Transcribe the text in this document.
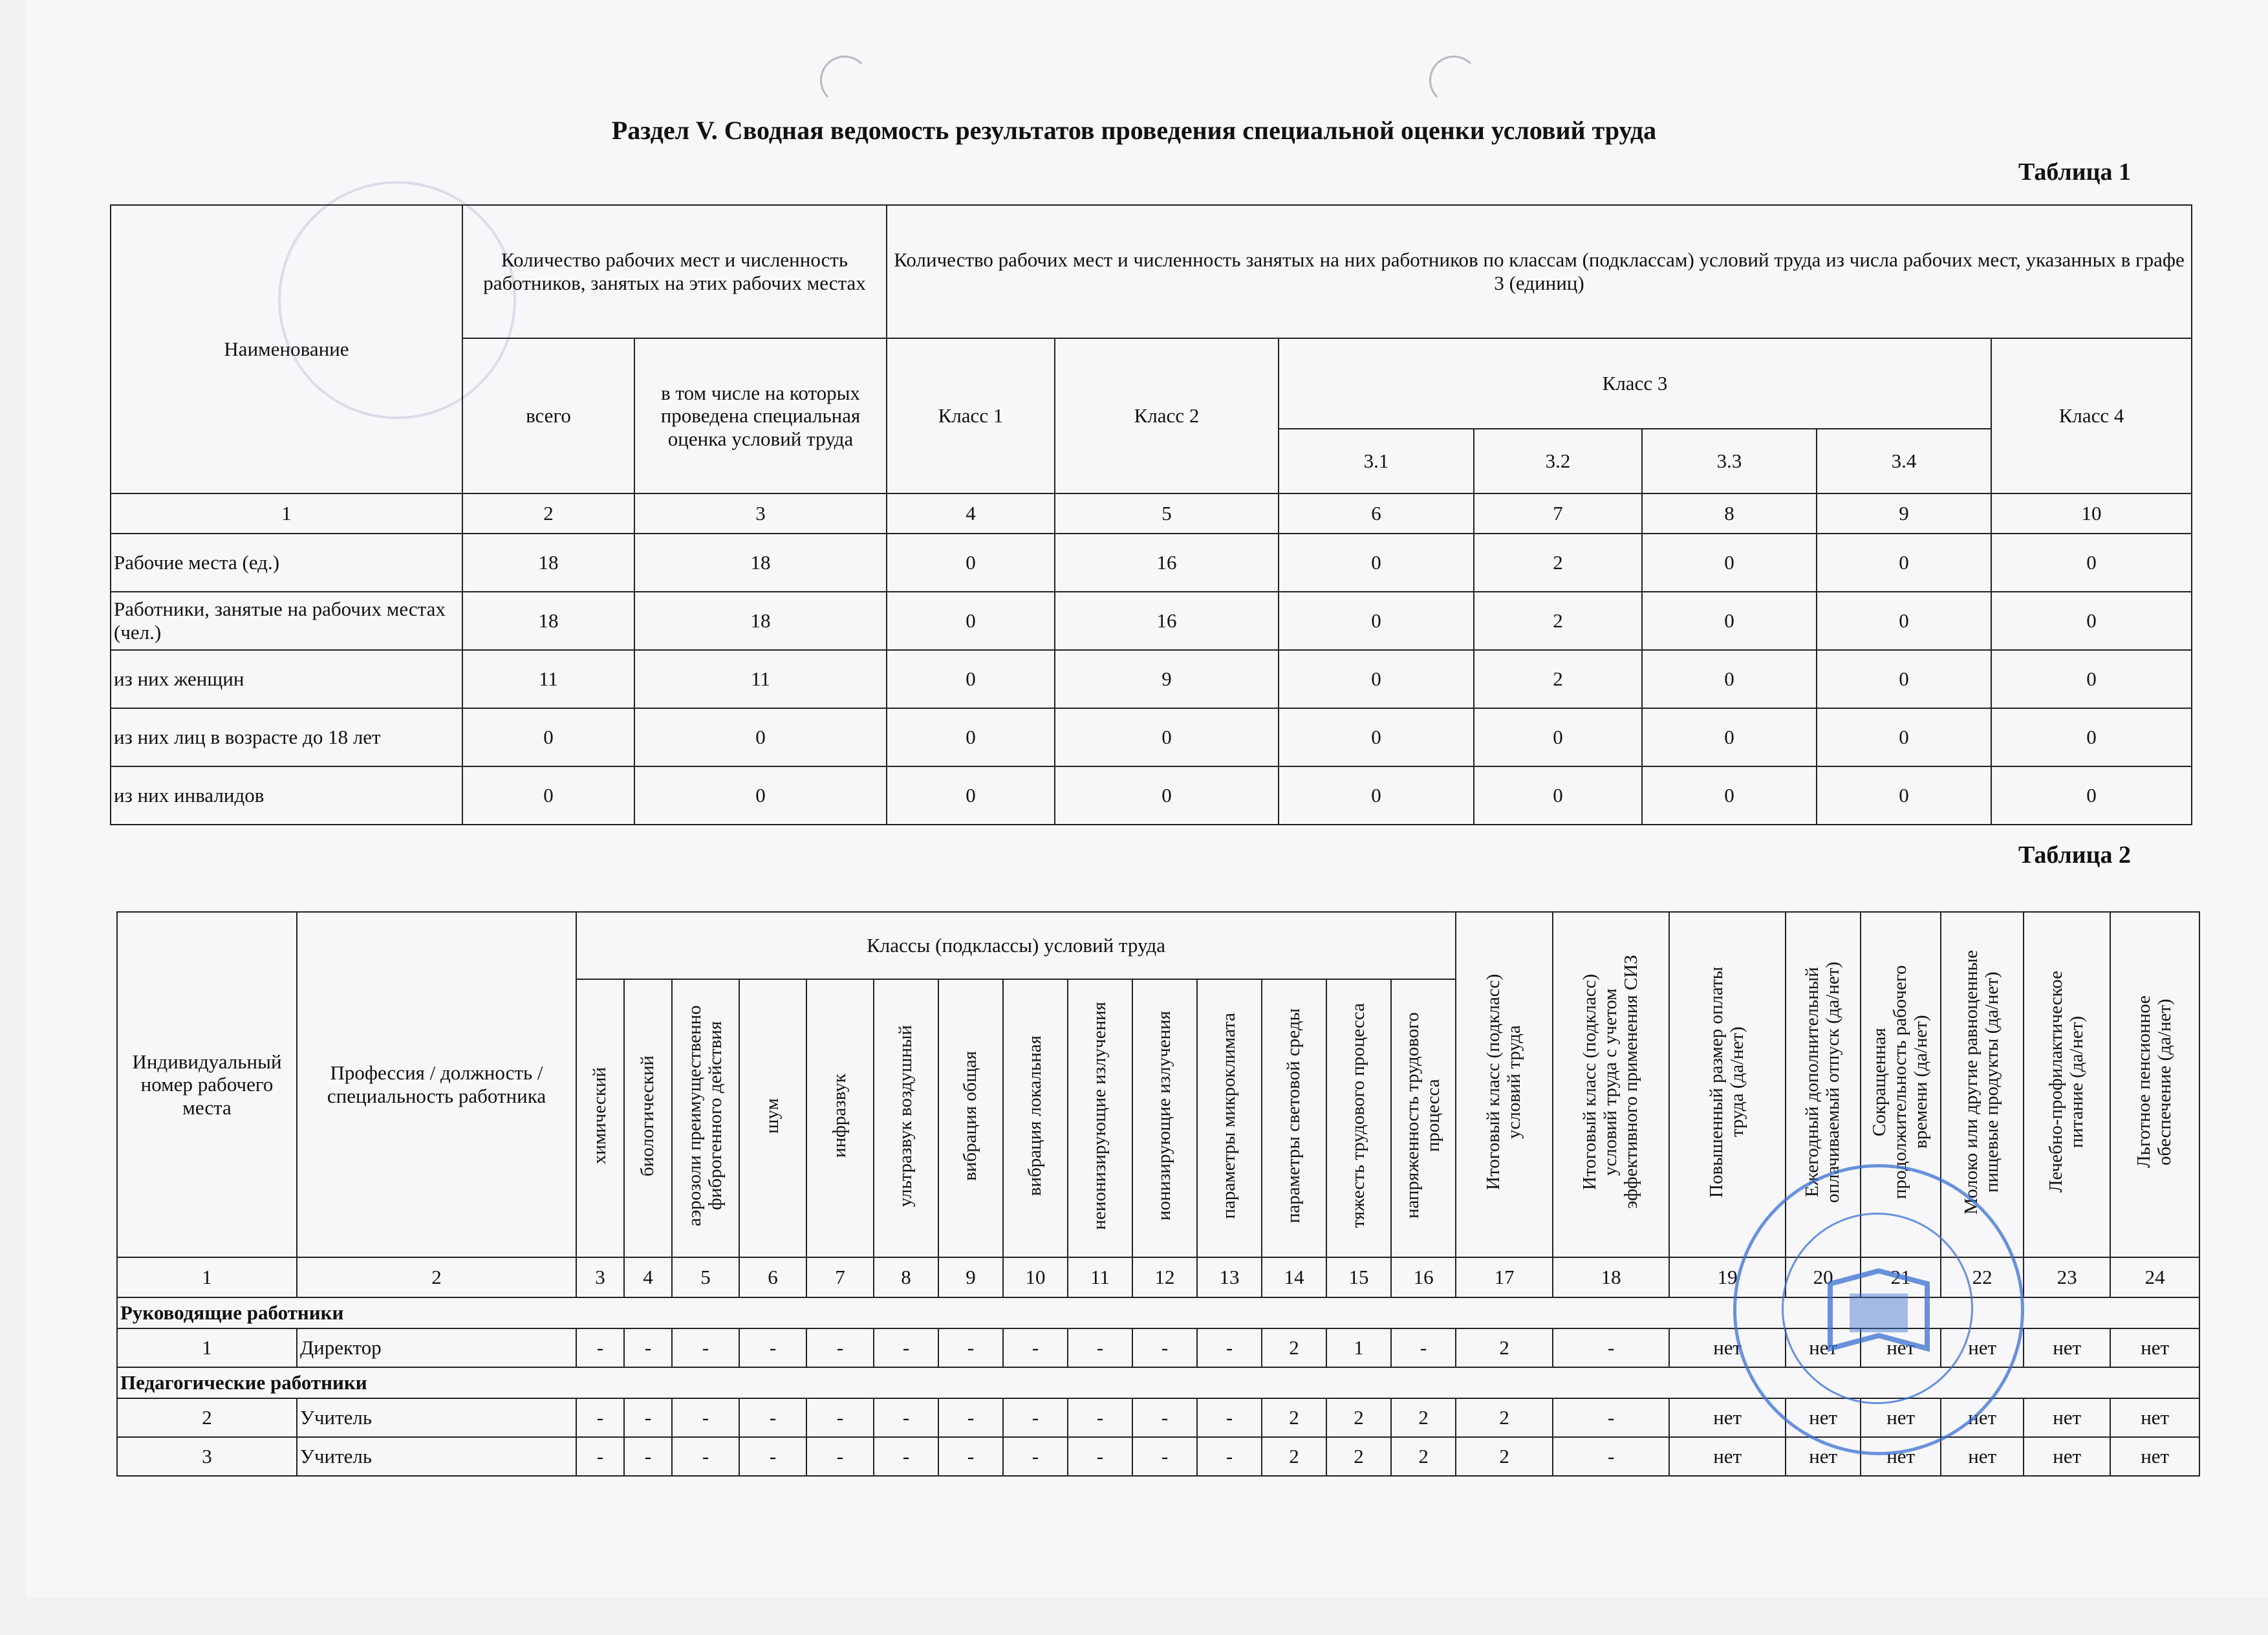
Раздел V. Сводная ведомость результатов проведения специальной оценки условий труда
Таблица 1
Наименование	Количество рабочих мест и численность работников, занятых на этих рабочих местах		Количество рабочих мест и численность занятых на них работников по классам (подклассам) условий труда из числа рабочих мест, указанных в графе 3 (единиц)						
	всего	в том числе на которых проведена специальная оценка условий труда	Класс 1	Класс 2	Класс 3				Класс 4
					3.1	3.2	3.3	3.4	
1	2	3	4	5	6	7	8	9	10
Рабочие места (ед.)	18	18	0	16	0	2	0	0	0
Работники, занятые на рабочих местах (чел.)	18	18	0	16	0	2	0	0	0
из них женщин	11	11	0	9	0	2	0	0	0
из них лиц в возрасте до 18 лет	0	0	0	0	0	0	0	0	0
из них инвалидов	0	0	0	0	0	0	0	0	0
Таблица 2
Индивидуальный номер рабочего места	Профессия / должность / специальность работника	Классы (подклассы) условий труда														Итоговый класс (подкласс) условий труда	Итоговый класс (подкласс) условий труда с учетом эффективного применения СИЗ	Повышенный размер оплаты труда (да/нет)	Ежегодный дополнительный оплачиваемый отпуск (да/нет)	Сокращенная продолжительность рабочего времени (да/нет)	Молоко или другие равноценные пищевые продукты (да/нет)	Лечебно-профилактическое питание (да/нет)	Льготное пенсионное обеспечение (да/нет)
		химический	биологический	аэрозоли преимущественно фиброгенного действия	шум	инфразвук	ультразвук воздушный	вибрация общая	вибрация локальная	неионизирующие излучения	ионизирующие излучения	параметры микроклимата	параметры световой среды	тяжесть трудового процесса	напряженность трудового процесса								
1	2	3	4	5	6	7	8	9	10	11	12	13	14	15	16	17	18	19	20	21	22	23	24
Руководящие работники																							
1	Директор	-	-	-	-	-	-	-	-	-	-	-	2	1	-	2	-	нет	нет	нет	нет	нет	нет
Педагогические работники																							
2	Учитель	-	-	-	-	-	-	-	-	-	-	-	2	2	2	2	-	нет	нет	нет	нет	нет	нет
3	Учитель	-	-	-	-	-	-	-	-	-	-	-	2	2	2	2	-	нет	нет	нет	нет	нет	нет
